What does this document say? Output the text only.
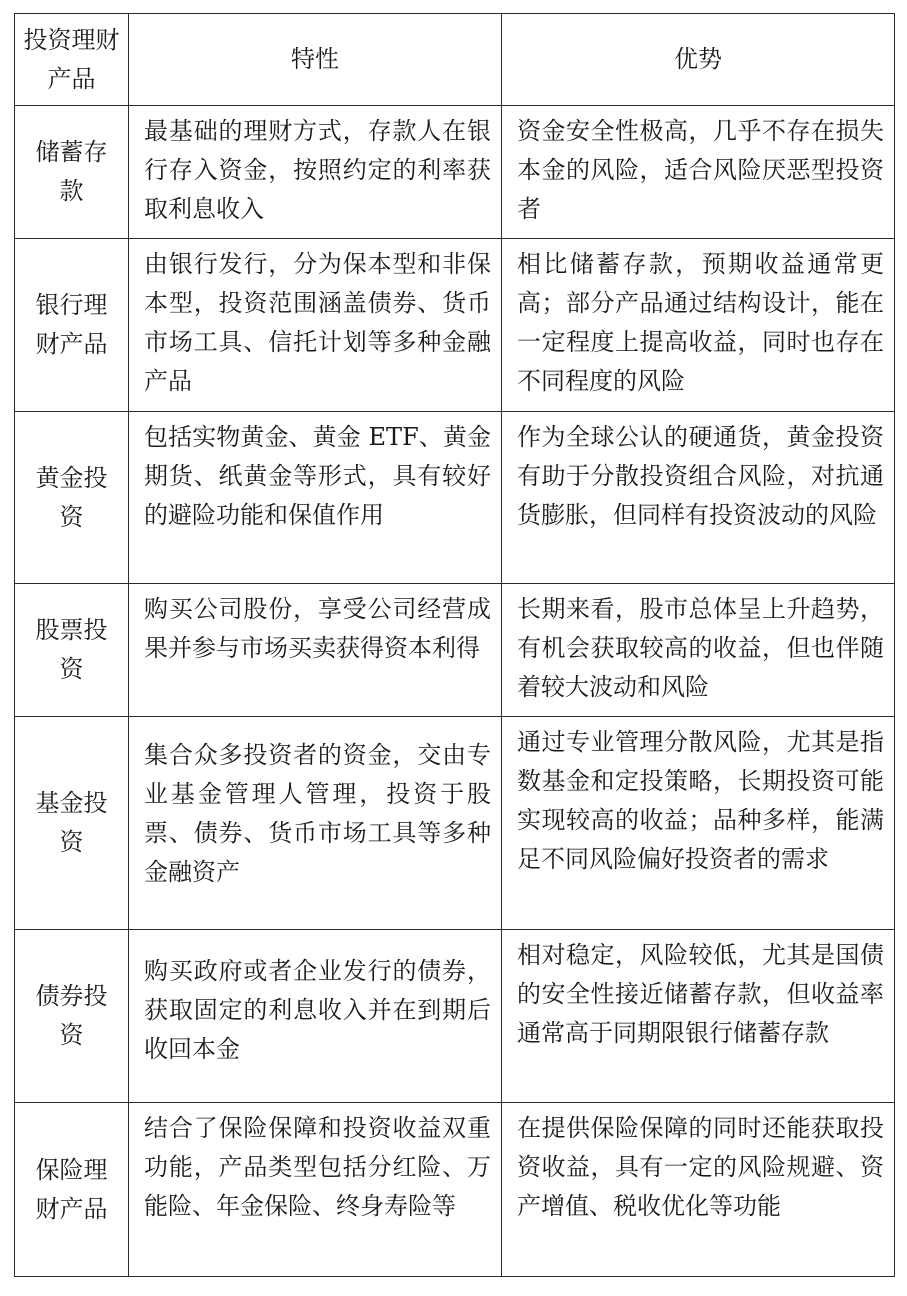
投资理财产品	特性	优势
储蓄存款	最基础的理财方式，存款人在银行存入资金，按照约定的利率获取利息收入	资金安全性极高，几乎不存在损失本金的风险，适合风险厌恶型投资者
银行理财产品	由银行发行，分为保本型和非保本型，投资范围涵盖债券、货币市场工具、信托计划等多种金融产品	相比储蓄存款，预期收益通常更高；部分产品通过结构设计，能在一定程度上提高收益，同时也存在不同程度的风险
黄金投资	包括实物黄金、黄金 ETF、黄金期货、纸黄金等形式，具有较好的避险功能和保值作用	作为全球公认的硬通货，黄金投资有助于分散投资组合风险，对抗通货膨胀，但同样有投资波动的风险
股票投资	购买公司股份，享受公司经营成果并参与市场买卖获得资本利得	长期来看，股市总体呈上升趋势，有机会获取较高的收益，但也伴随着较大波动和风险
基金投资	集合众多投资者的资金，交由专业基金管理人管理，投资于股票、债券、货币市场工具等多种金融资产	通过专业管理分散风险，尤其是指数基金和定投策略，长期投资可能实现较高的收益；品种多样，能满足不同风险偏好投资者的需求
债券投资	购买政府或者企业发行的债券，获取固定的利息收入并在到期后收回本金	相对稳定，风险较低，尤其是国债的安全性接近储蓄存款，但收益率通常高于同期限银行储蓄存款
保险理财产品	结合了保险保障和投资收益双重功能，产品类型包括分红险、万能险、年金保险、终身寿险等	在提供保险保障的同时还能获取投资收益，具有一定的风险规避、资产增值、税收优化等功能
